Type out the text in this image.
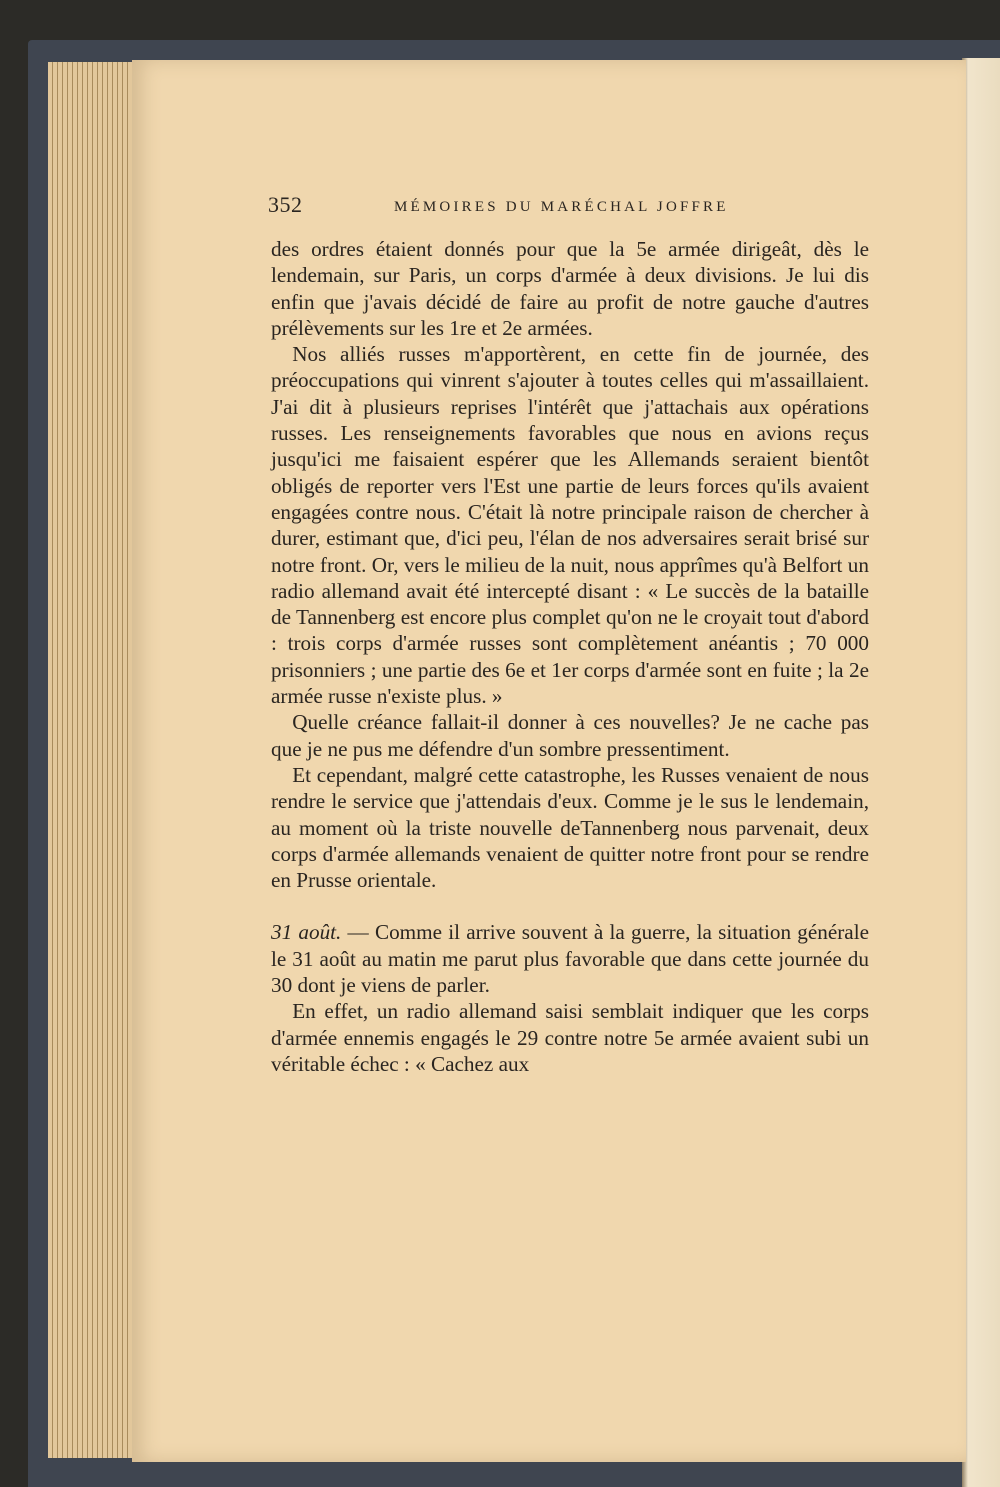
352	MÉMOIRES DU MARÉCHAL JOFFRE

des ordres étaient donnés pour que la 5e armée dirigeât, dès le lendemain, sur Paris, un corps d'armée à deux divisions. Je lui dis enfin que j'avais décidé de faire au profit de notre gauche d'autres prélèvements sur les 1re et 2e armées.

Nos alliés russes m'apportèrent, en cette fin de journée, des préoccupations qui vinrent s'ajouter à toutes celles qui m'assaillaient. J'ai dit à plusieurs reprises l'intérêt que j'attachais aux opérations russes. Les renseignements favorables que nous en avions reçus jusqu'ici me faisaient espérer que les Allemands seraient bientôt obligés de reporter vers l'Est une partie de leurs forces qu'ils avaient engagées contre nous. C'était là notre principale raison de chercher à durer, estimant que, d'ici peu, l'élan de nos adversaires serait brisé sur notre front. Or, vers le milieu de la nuit, nous apprîmes qu'à Belfort un radio allemand avait été intercepté disant : « Le succès de la bataille de Tannenberg est encore plus complet qu'on ne le croyait tout d'abord : trois corps d'armée russes sont complètement anéantis ; 70 000 prisonniers ; une partie des 6e et 1er corps d'armée sont en fuite ; la 2e armée russe n'existe plus. »

Quelle créance fallait-il donner à ces nouvelles? Je ne cache pas que je ne pus me défendre d'un sombre pressentiment.

Et cependant, malgré cette catastrophe, les Russes venaient de nous rendre le service que j'attendais d'eux. Comme je le sus le lendemain, au moment où la triste nouvelle deTannenberg nous parvenait, deux corps d'armée allemands venaient de quitter notre front pour se rendre en Prusse orientale.

31 août. — Comme il arrive souvent à la guerre, la situation générale le 31 août au matin me parut plus favorable que dans cette journée du 30 dont je viens de parler.

En effet, un radio allemand saisi semblait indiquer que les corps d'armée ennemis engagés le 29 contre notre 5e armée avaient subi un véritable échec : « Cachez aux
